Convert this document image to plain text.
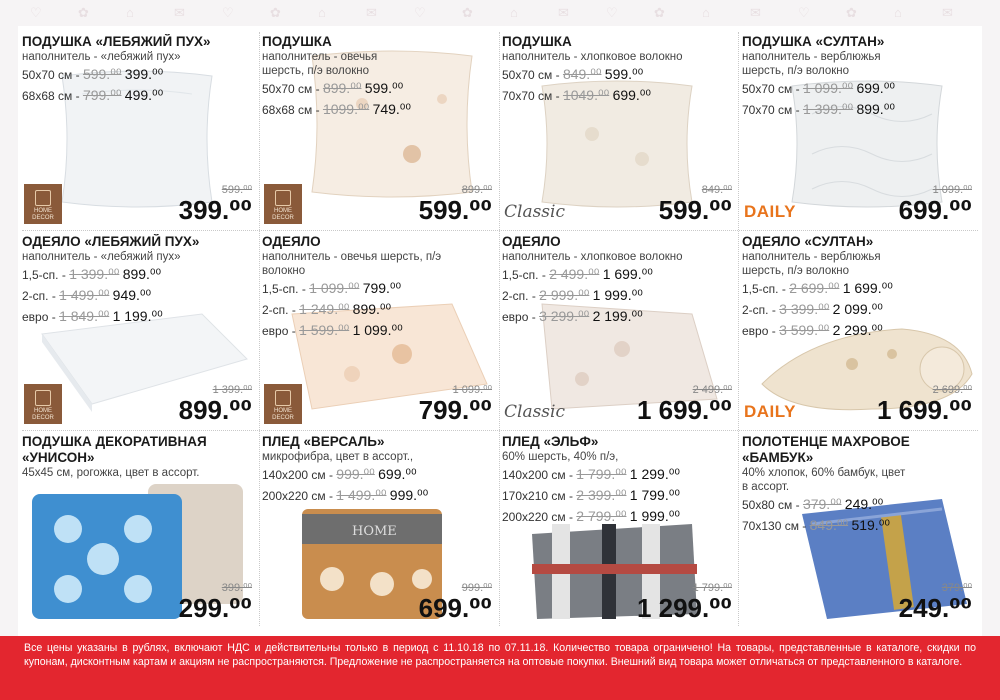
♡	✿	⌂	✉	♡	✿	⌂	✉	♡	✿	⌂	✉	♡	✿	⌂	✉	♡	✿	⌂	✉
ПОДУШКА «ЛЕБЯЖИЙ ПУХ»
наполнитель - «лебяжий пух»
50х70 см - 599.⁰⁰ 399.⁰⁰
68х68 см - 799.⁰⁰ 499.⁰⁰
HOME DECOR
599.⁰⁰
399.⁰⁰
ПОДУШКА
наполнитель - овечья шерсть, п/э волокно
50х70 см - 899.⁰⁰ 599.⁰⁰
68х68 см - 1099.⁰⁰ 749.⁰⁰
HOME DECOR
899.⁰⁰
599.⁰⁰
ПОДУШКА
наполнитель - хлопковое волокно
50х70 см - 849.⁰⁰ 599.⁰⁰
70х70 см - 1049.⁰⁰ 699.⁰⁰
Classic
849.⁰⁰
599.⁰⁰
ПОДУШКА «СУЛТАН»
наполнитель - верблюжья шерсть, п/э волокно
50х70 см - 1 099.⁰⁰ 699.⁰⁰
70х70 см - 1 399.⁰⁰ 899.⁰⁰
DAILY
1 099.⁰⁰
699.⁰⁰
ОДЕЯЛО «ЛЕБЯЖИЙ ПУХ»
наполнитель - «лебяжий пух»
1,5-сп. - 1 399.⁰⁰ 899.⁰⁰
2-сп. - 1 499.⁰⁰ 949.⁰⁰
евро - 1 849.⁰⁰ 1 199.⁰⁰
HOME DECOR
1 399.⁰⁰
899.⁰⁰
ОДЕЯЛО
наполнитель - овечья шерсть, п/э волокно
1,5-сп. - 1 099.⁰⁰ 799.⁰⁰
2-сп. - 1 249.⁰⁰ 899.⁰⁰
евро - 1 599.⁰⁰ 1 099.⁰⁰
HOME DECOR
1 099.⁰⁰
799.⁰⁰
ОДЕЯЛО
наполнитель - хлопковое волокно
1,5-сп. - 2 499.⁰⁰ 1 699.⁰⁰
2-сп. - 2 999.⁰⁰ 1 999.⁰⁰
евро - 3 299.⁰⁰ 2 199.⁰⁰
Classic
2 499.⁰⁰
1 699.⁰⁰
ОДЕЯЛО «СУЛТАН»
наполнитель - верблюжья шерсть, п/э волокно
1,5-сп. - 2 699.⁰⁰ 1 699.⁰⁰
2-сп. - 3 399.⁰⁰ 2 099.⁰⁰
евро - 3 599.⁰⁰ 2 299.⁰⁰
DAILY
2 699.⁰⁰
1 699.⁰⁰
ПОДУШКА ДЕКОРАТИВНАЯ «УНИСОН»
45х45 см, рогожка, цвет в ассорт.
399.⁰⁰
299.⁰⁰
HOME
ПЛЕД «ВЕРСАЛЬ»
микрофибра, цвет в ассорт.,
140х200 см - 999.⁰⁰ 699.⁰⁰
200х220 см - 1 499.⁰⁰ 999.⁰⁰
999.⁰⁰
699.⁰⁰
ПЛЕД «ЭЛЬФ»
60% шерсть, 40% п/э,
140х200 см - 1 799.⁰⁰ 1 299.⁰⁰
170х210 см - 2 399.⁰⁰ 1 799.⁰⁰
200х220 см - 2 799.⁰⁰ 1 999.⁰⁰
1 799.⁰⁰
1 299.⁰⁰
ПОЛОТЕНЦЕ МАХРОВОЕ «БАМБУК»
40% хлопок, 60% бамбук, цвет в ассорт.
50х80 см - 379.⁰⁰ 249.⁰⁰
70х130 см - 849.⁰⁰ 519.⁰⁰
379.⁰⁰
249.⁰⁰

Все цены указаны в рублях, включают НДС и действительны только в период с 11.10.18 по 07.11.18. Количество товара ограничено! На товары, представленные в каталоге, скидки по купонам, дисконтным картам и акциям не распространяются. Предложение не распространяется на оптовые покупки. Внешний вид товара может отличаться от представленного в каталоге.
